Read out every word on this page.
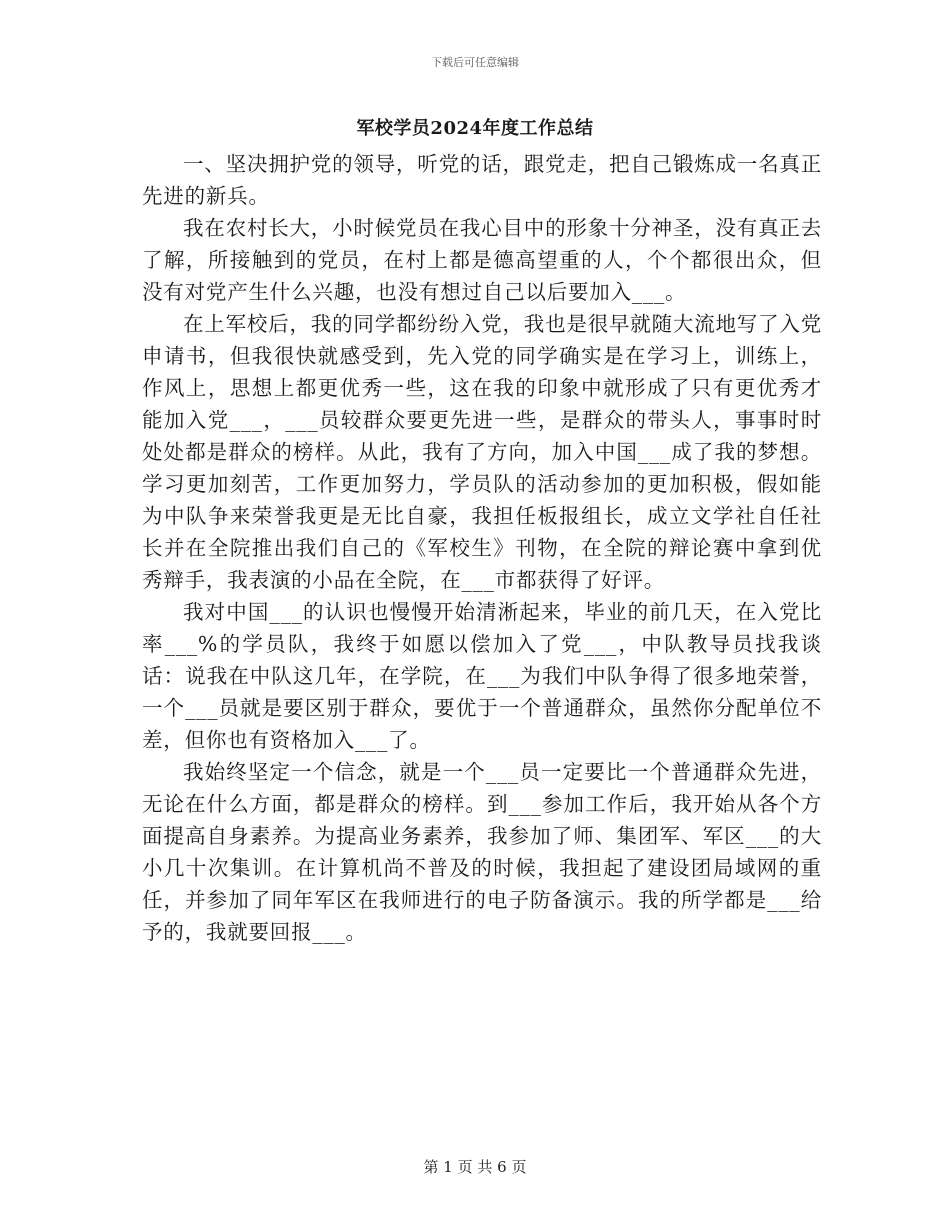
下载后可任意编辑
军校学员2024年度工作总结

一、坚决拥护党的领导，听党的话，跟党走，把自己锻炼成一名真正先进的新兵。

我在农村长大，小时候党员在我心目中的形象十分神圣，没有真正去了解，所接触到的党员，在村上都是德高望重的人，个个都很出众，但没有对党产生什么兴趣，也没有想过自己以后要加入___。

在上军校后，我的同学都纷纷入党，我也是很早就随大流地写了入党申请书，但我很快就感受到，先入党的同学确实是在学习上，训练上，作风上，思想上都更优秀一些，这在我的印象中就形成了只有更优秀才能加入党___，___员较群众要更先进一些，是群众的带头人，事事时时处处都是群众的榜样。从此，我有了方向，加入中国___成了我的梦想。学习更加刻苦，工作更加努力，学员队的活动参加的更加积极，假如能为中队争来荣誉我更是无比自豪，我担任板报组长，成立文学社自任社长并在全院推出我们自己的《军校生》刊物，在全院的辩论赛中拿到优秀辩手，我表演的小品在全院，在___市都获得了好评。

我对中国___的认识也慢慢开始清淅起来，毕业的前几天，在入党比率___%的学员队，我终于如愿以偿加入了党___，中队教导员找我谈话：说我在中队这几年，在学院，在___为我们中队争得了很多地荣誉，一个___员就是要区别于群众，要优于一个普通群众，虽然你分配单位不差，但你也有资格加入___了。

我始终坚定一个信念，就是一个___员一定要比一个普通群众先进，无论在什么方面，都是群众的榜样。到___参加工作后，我开始从各个方面提高自身素养。为提高业务素养，我参加了师、集团军、军区___的大小几十次集训。在计算机尚不普及的时候，我担起了建设团局域网的重任，并参加了同年军区在我师进行的电子防备演示。我的所学都是___给予的，我就要回报___。

第 1 页 共 6 页
